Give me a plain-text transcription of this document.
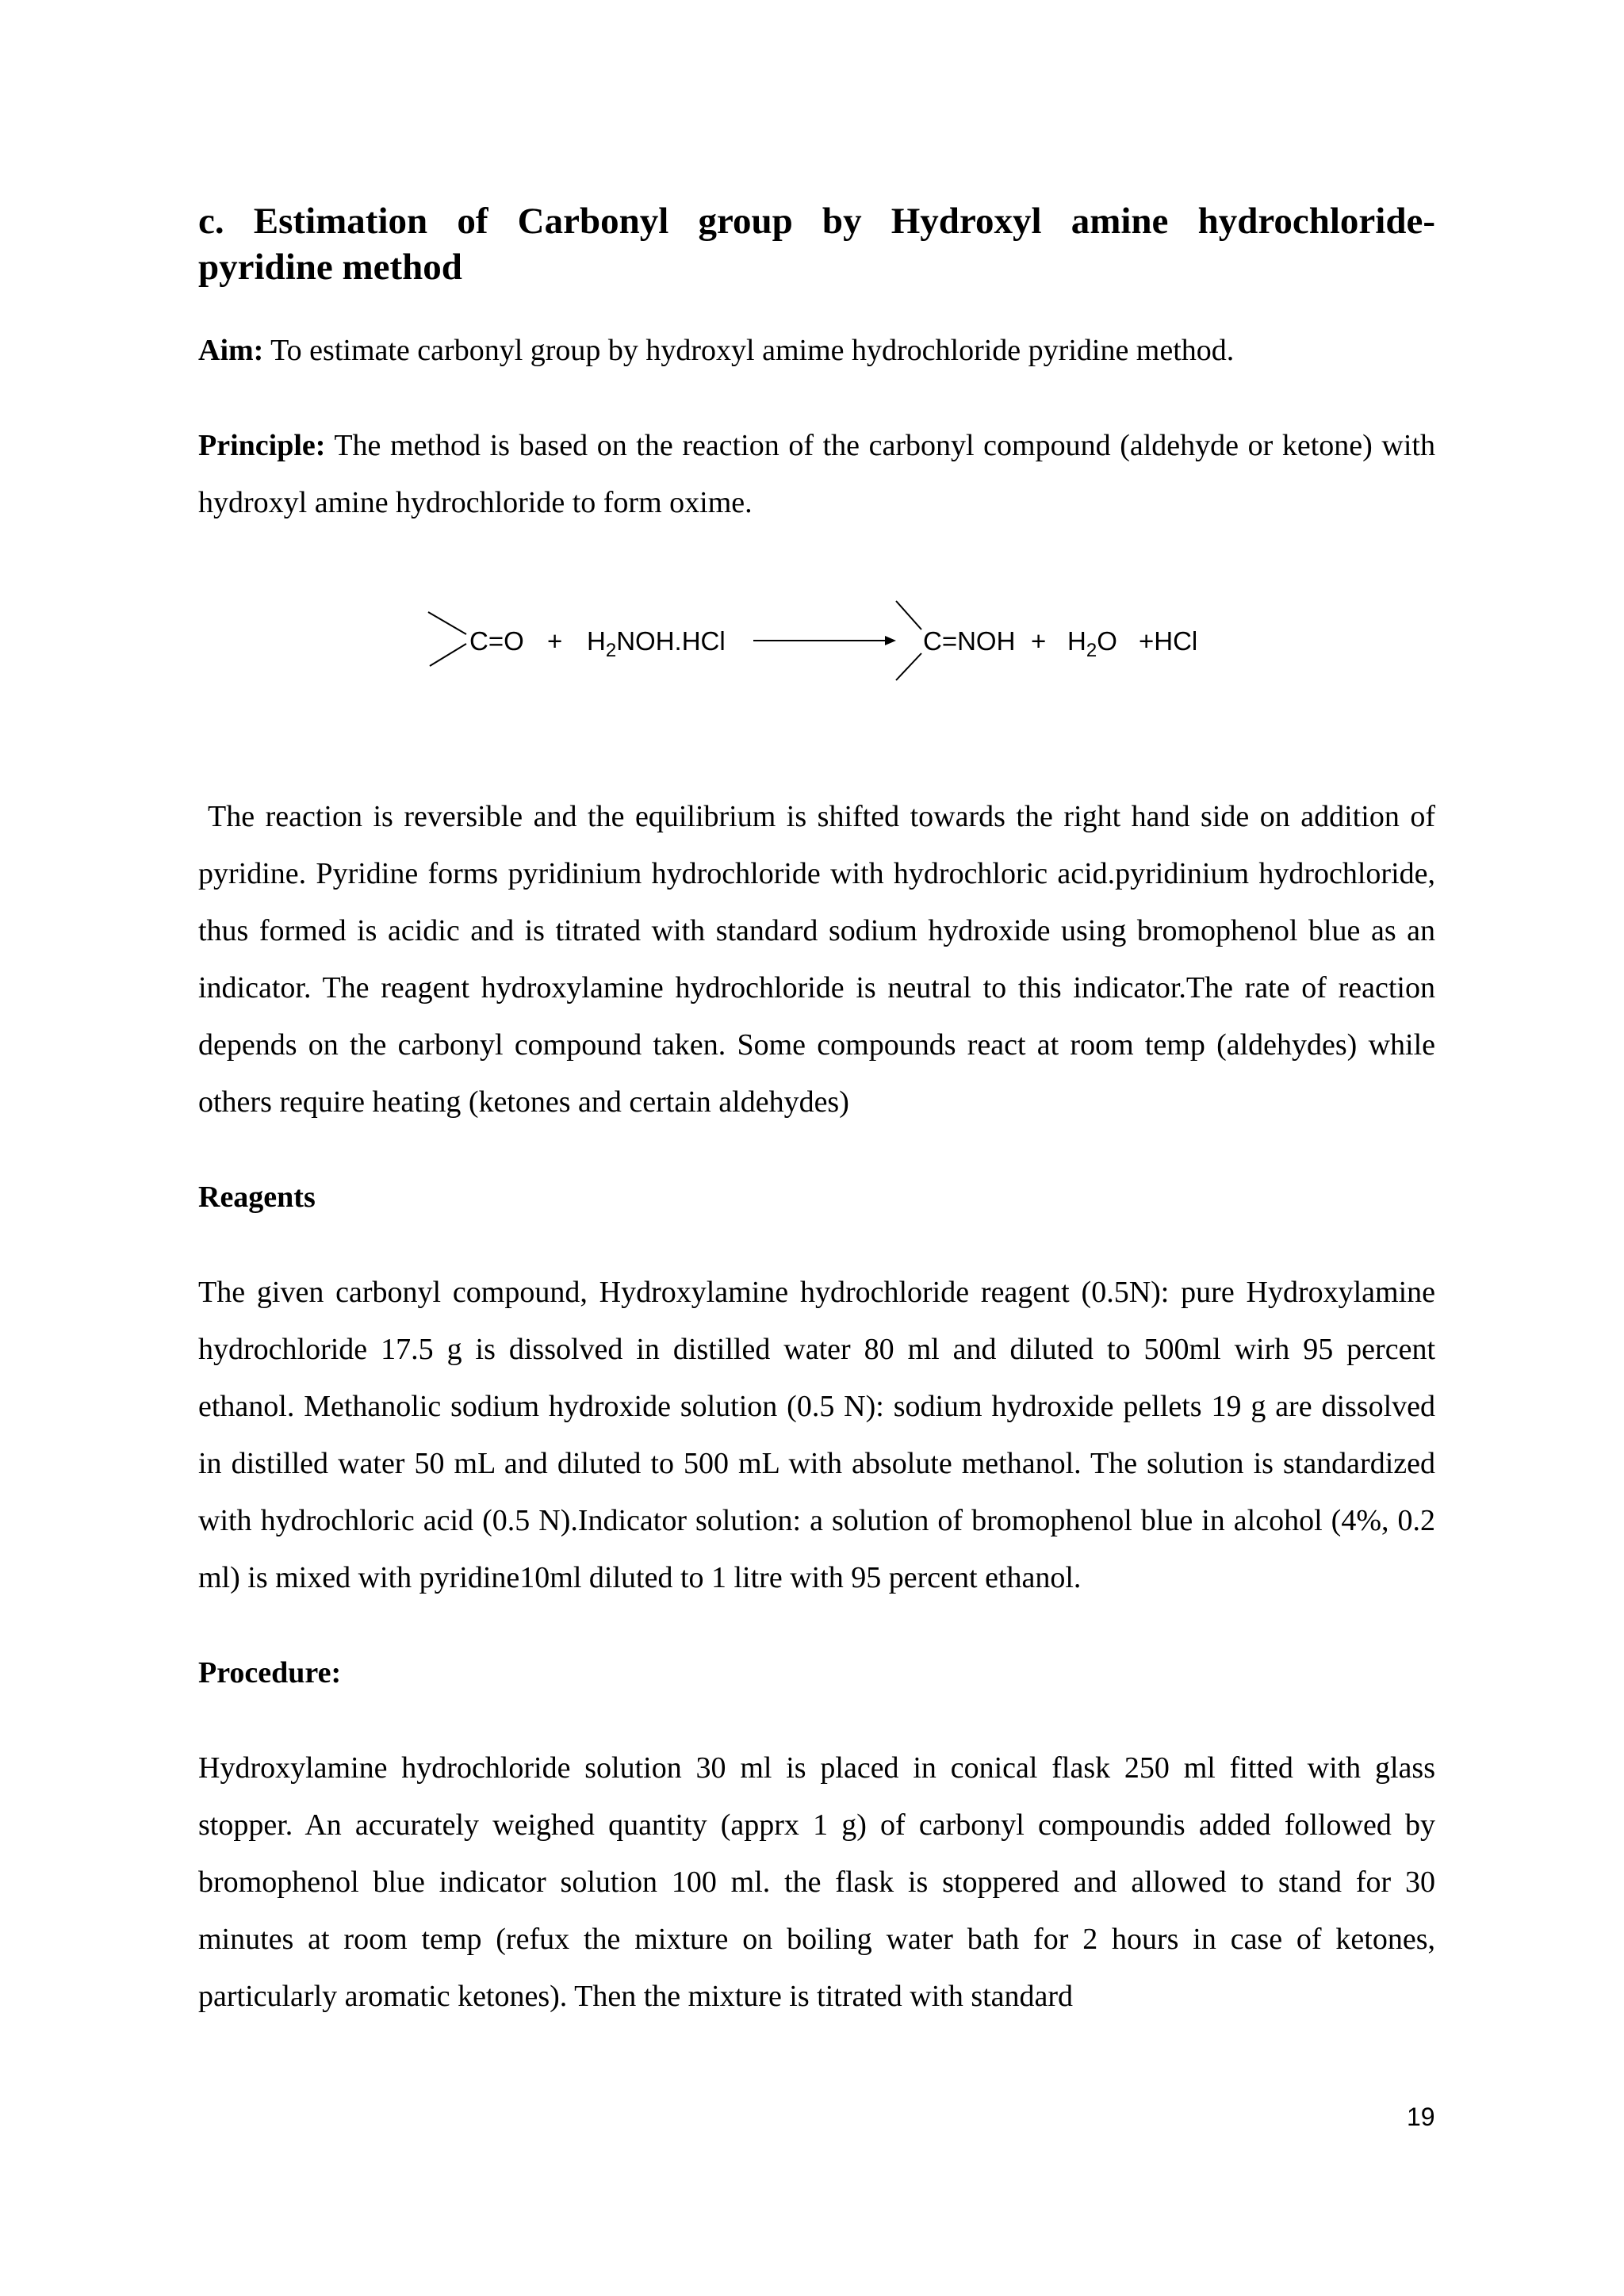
c. Estimation of Carbonyl group by Hydroxyl amine hydrochloride-
pyridine method

Aim: To estimate carbonyl group by hydroxyl amime hydrochloride pyridine method.

Principle: The method is based on the reaction of the carbonyl compound (aldehyde or ketone) with hydroxyl amine hydrochloride to form oxime.

$C=O + H_2NOH.HCl$	$C=NOH + H_2O +HCl$

The reaction is reversible and the equilibrium is shifted towards the right hand side on addition of pyridine. Pyridine forms pyridinium hydrochloride with hydrochloric acid.pyridinium hydrochloride, thus formed is acidic and is titrated with standard sodium hydroxide using bromophenol blue as an indicator. The reagent hydroxylamine hydrochloride is neutral to this indicator.The rate of reaction depends on the carbonyl compound taken. Some compounds react at room temp (aldehydes) while others require heating (ketones and certain aldehydes)

Reagents

The given carbonyl compound, Hydroxylamine hydrochloride reagent (0.5N): pure Hydroxylamine hydrochloride 17.5 g is dissolved in distilled water 80 ml and diluted to 500ml wirh 95 percent ethanol. Methanolic sodium hydroxide solution (0.5 N): sodium hydroxide pellets 19 g are dissolved in distilled water 50 mL and diluted to 500 mL with absolute methanol. The solution is standardized with hydrochloric acid (0.5 N).Indicator solution: a solution of bromophenol blue in alcohol (4%, 0.2 ml) is mixed with pyridine10ml diluted to 1 litre with 95 percent ethanol.

Procedure:

Hydroxylamine hydrochloride solution 30 ml is placed in conical flask 250 ml fitted with glass stopper. An accurately weighed quantity (apprx 1 g) of carbonyl compoundis added followed by bromophenol blue indicator solution 100 ml. the flask is stoppered and allowed to stand for 30 minutes at room temp (refux the mixture on boiling water bath for 2 hours in case of ketones, particularly aromatic ketones). Then the mixture is titrated with standard

19
